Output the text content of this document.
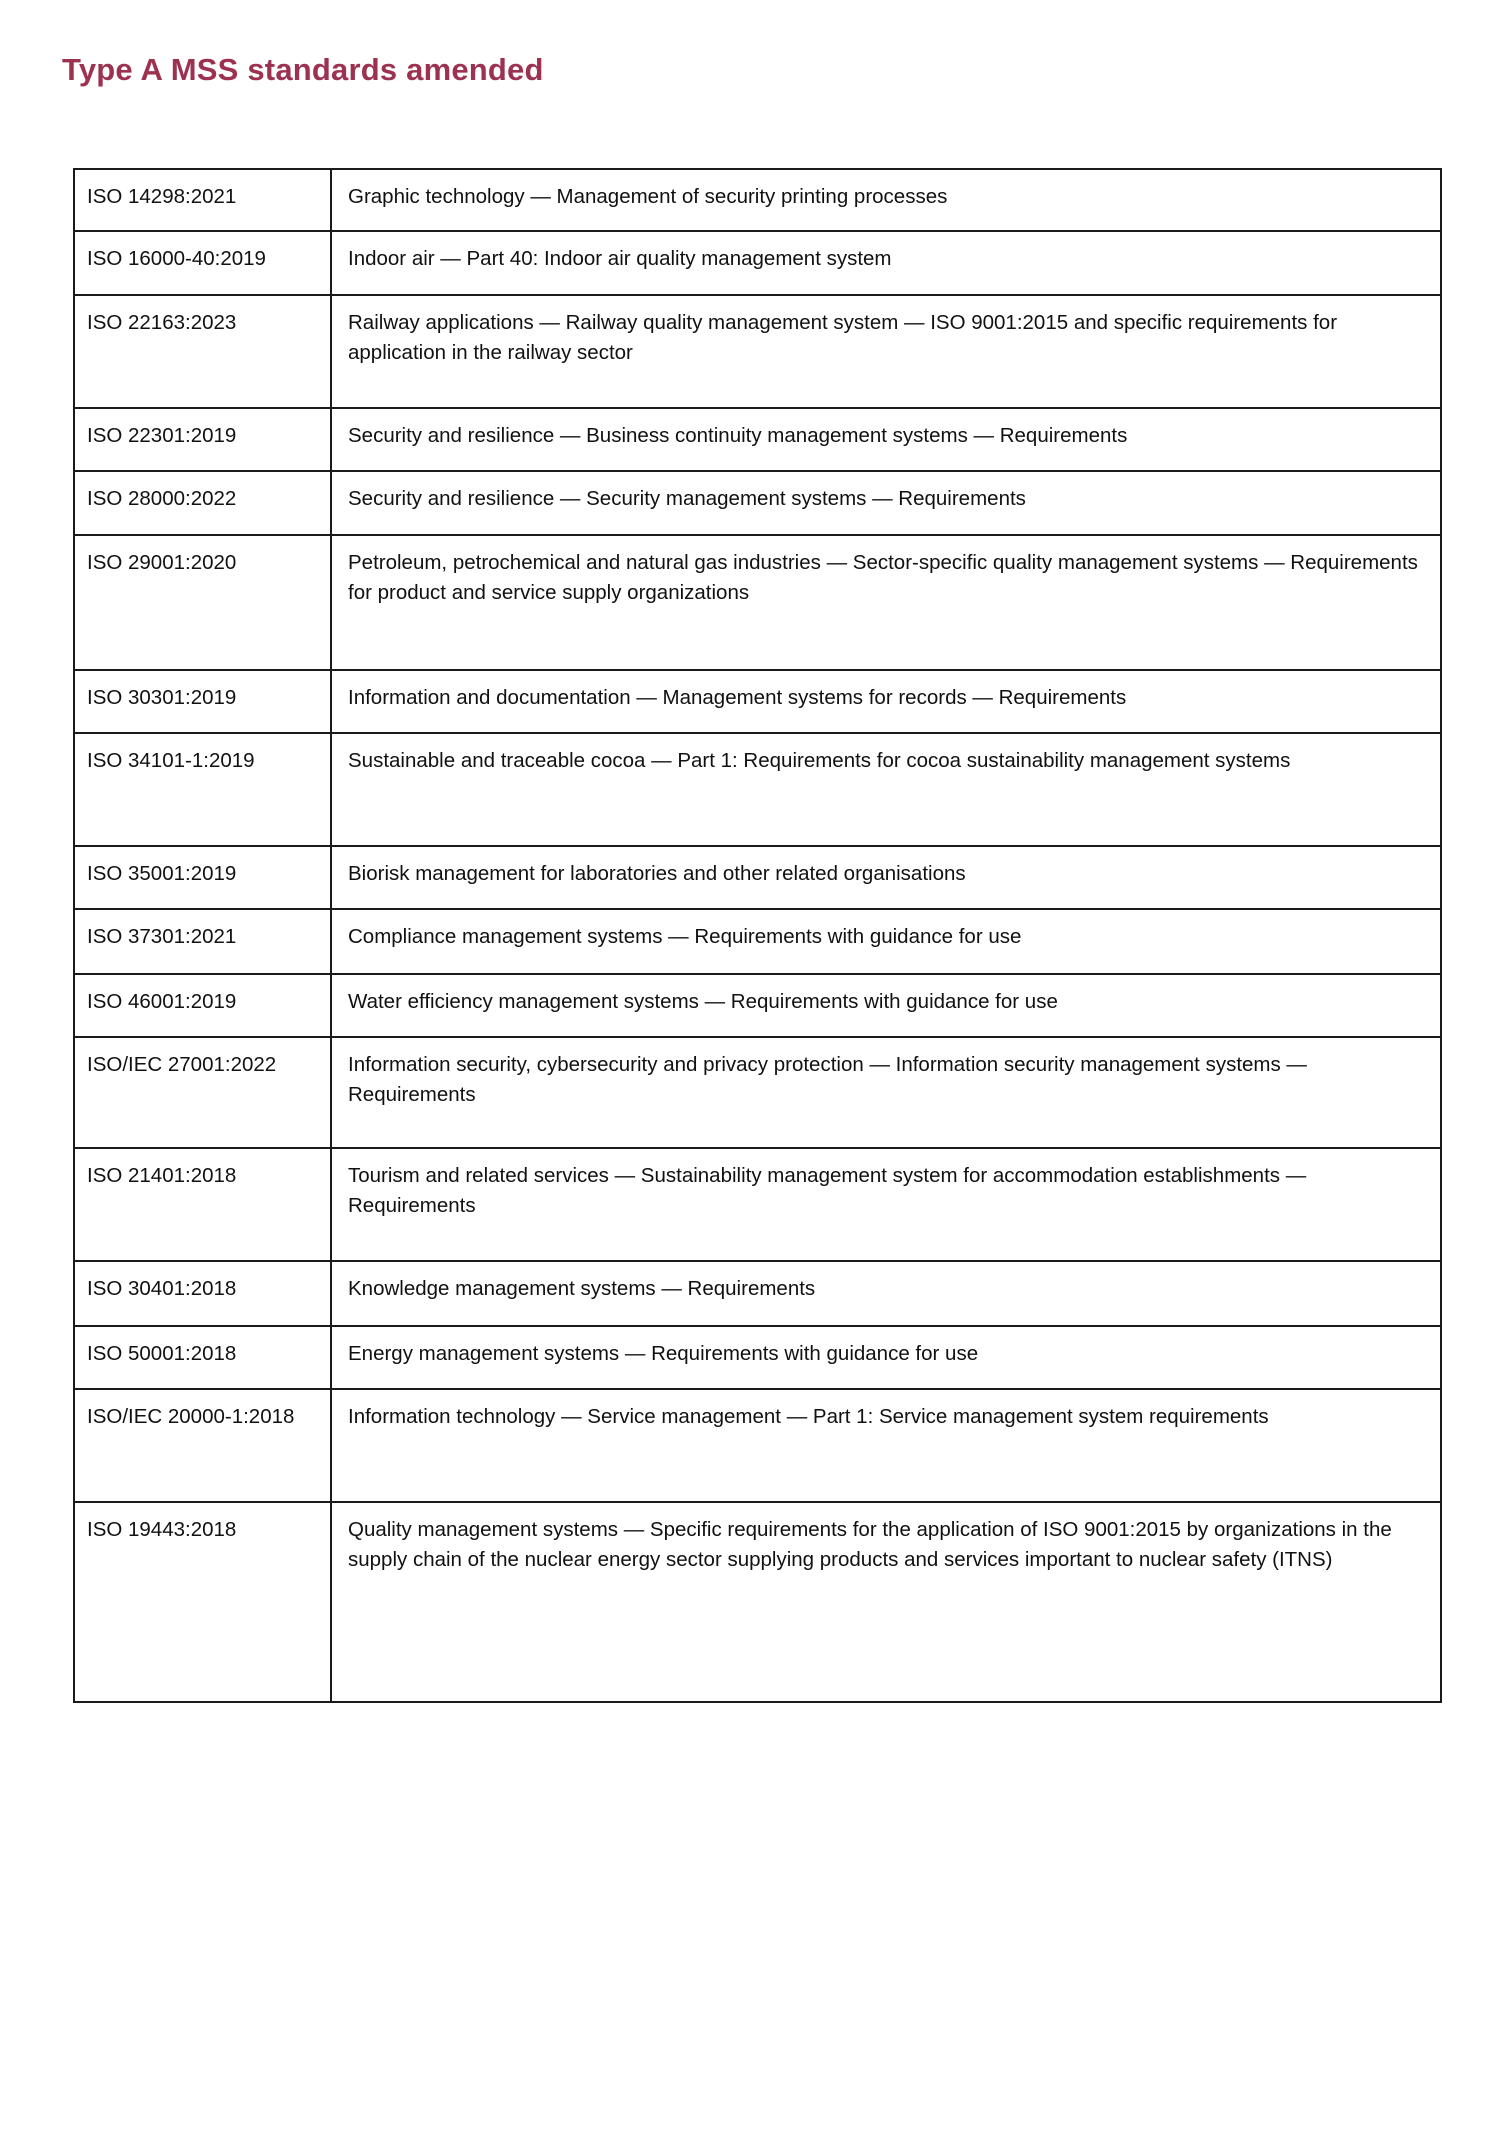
Type A MSS standards amended
ISO 14298:2021	Graphic technology — Management of security printing processes
ISO 16000-40:2019	Indoor air — Part 40: Indoor air quality management system
ISO 22163:2023	Railway applications — Railway quality management system — ISO 9001:2015 and specific requirements for application in the railway sector
ISO 22301:2019	Security and resilience — Business continuity management systems — Requirements
ISO 28000:2022	Security and resilience — Security management systems — Requirements
ISO 29001:2020	Petroleum, petrochemical and natural gas industries — Sector-specific quality management systems — Requirements for product and service supply organizations
ISO 30301:2019	Information and documentation — Management systems for records — Requirements
ISO 34101-1:2019	Sustainable and traceable cocoa — Part 1: Requirements for cocoa sustainability management systems
ISO 35001:2019	Biorisk management for laboratories and other related organisations
ISO 37301:2021	Compliance management systems — Requirements with guidance for use
ISO 46001:2019	Water efficiency management systems — Requirements with guidance for use
ISO/IEC 27001:2022	Information security, cybersecurity and privacy protection — Information security management systems — Requirements
ISO 21401:2018	Tourism and related services — Sustainability management system for accommodation establishments — Requirements
ISO 30401:2018	Knowledge management systems — Requirements
ISO 50001:2018	Energy management systems — Requirements with guidance for use
ISO/IEC 20000-1:2018	Information technology — Service management — Part 1: Service management system requirements
ISO 19443:2018	Quality management systems — Specific requirements for the application of ISO 9001:2015 by organizations in the supply chain of the nuclear energy sector supplying products and services important to nuclear safety (ITNS)
